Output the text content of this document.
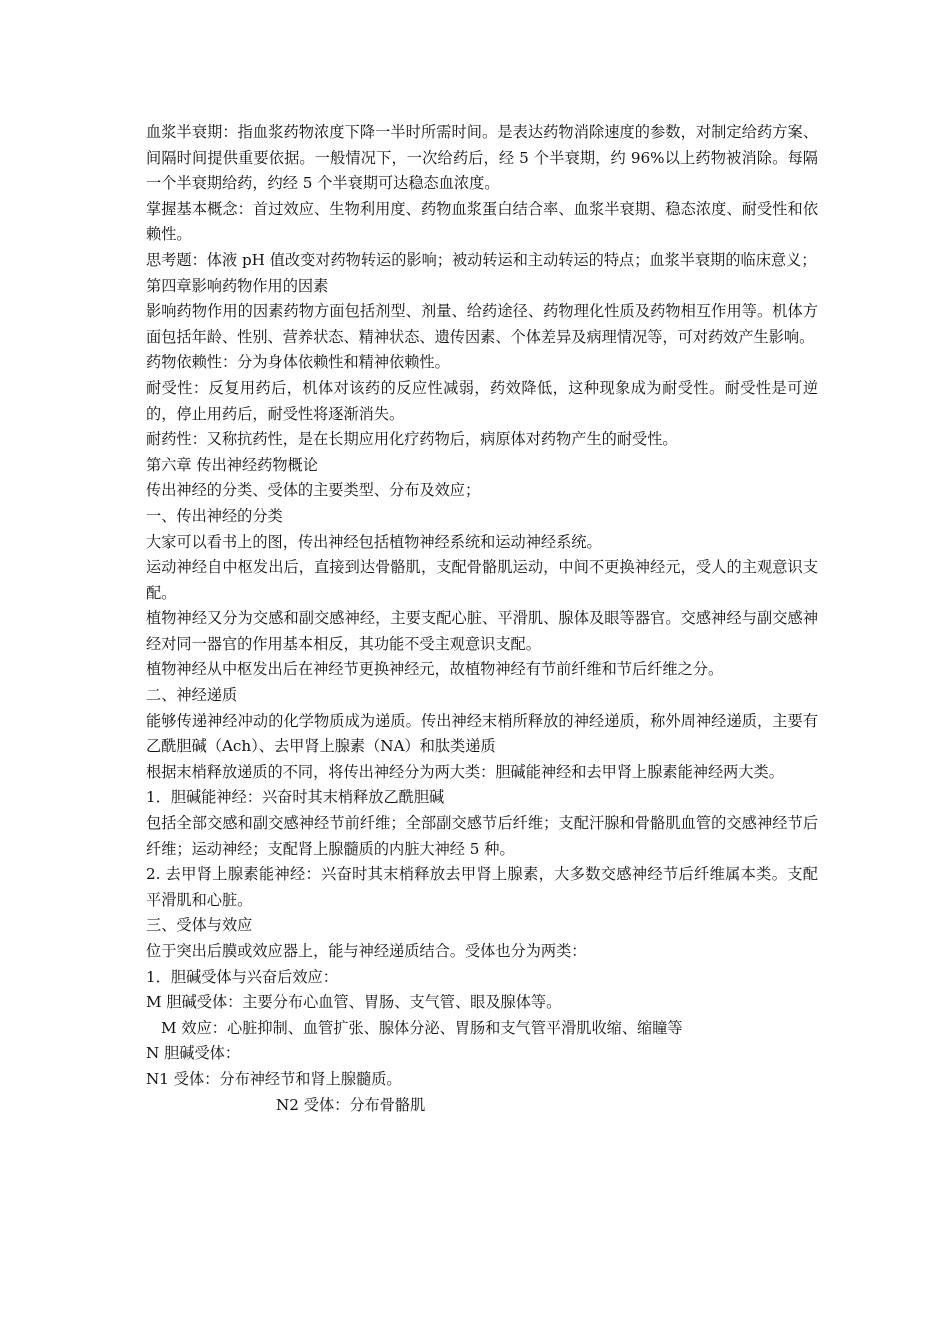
血浆半衰期：指血浆药物浓度下降一半时所需时间。是表达药物消除速度的参数，对制定给药方案、间隔时间提供重要依据。一般情况下，一次给药后，经 5 个半衰期，约 96%以上药物被消除。每隔一个半衰期给药，约经 5 个半衰期可达稳态血浓度。

掌握基本概念：首过效应、生物利用度、药物血浆蛋白结合率、血浆半衰期、稳态浓度、耐受性和依赖性。

思考题：体液 pH 值改变对药物转运的影响；被动转运和主动转运的特点；血浆半衰期的临床意义；

第四章影响药物作用的因素

影响药物作用的因素药物方面包括剂型、剂量、给药途径、药物理化性质及药物相互作用等。机体方面包括年龄、性别、营养状态、精神状态、遗传因素、个体差异及病理情况等，可对药效产生影响。

药物依赖性：分为身体依赖性和精神依赖性。

耐受性：反复用药后，机体对该药的反应性减弱，药效降低，这种现象成为耐受性。耐受性是可逆的，停止用药后，耐受性将逐渐消失。

耐药性：又称抗药性，是在长期应用化疗药物后，病原体对药物产生的耐受性。

第六章 传出神经药物概论

传出神经的分类、受体的主要类型、分布及效应；

一、传出神经的分类

大家可以看书上的图，传出神经包括植物神经系统和运动神经系统。

运动神经自中枢发出后，直接到达骨骼肌，支配骨骼肌运动，中间不更换神经元，受人的主观意识支配。

植物神经又分为交感和副交感神经，主要支配心脏、平滑肌、腺体及眼等器官。交感神经与副交感神经对同一器官的作用基本相反，其功能不受主观意识支配。

植物神经从中枢发出后在神经节更换神经元，故植物神经有节前纤维和节后纤维之分。

二、神经递质

能够传递神经冲动的化学物质成为递质。传出神经末梢所释放的神经递质，称外周神经递质，主要有乙酰胆碱（Ach）、去甲肾上腺素（NA）和肽类递质

根据末梢释放递质的不同，将传出神经分为两大类：胆碱能神经和去甲肾上腺素能神经两大类。

1．胆碱能神经：兴奋时其末梢释放乙酰胆碱

包括全部交感和副交感神经节前纤维；全部副交感节后纤维；支配汗腺和骨骼肌血管的交感神经节后纤维；运动神经；支配肾上腺髓质的内脏大神经 5 种。

2. 去甲肾上腺素能神经：兴奋时其末梢释放去甲肾上腺素，大多数交感神经节后纤维属本类。支配平滑肌和心脏。

三、受体与效应

位于突出后膜或效应器上，能与神经递质结合。受体也分为两类：

1．胆碱受体与兴奋后效应：

M 胆碱受体：主要分布心血管、胃肠、支气管、眼及腺体等。

M 效应：心脏抑制、血管扩张、腺体分泌、胃肠和支气管平滑肌收缩、缩瞳等

N 胆碱受体：

N1 受体：分布神经节和肾上腺髓质。

N2 受体：分布骨骼肌
